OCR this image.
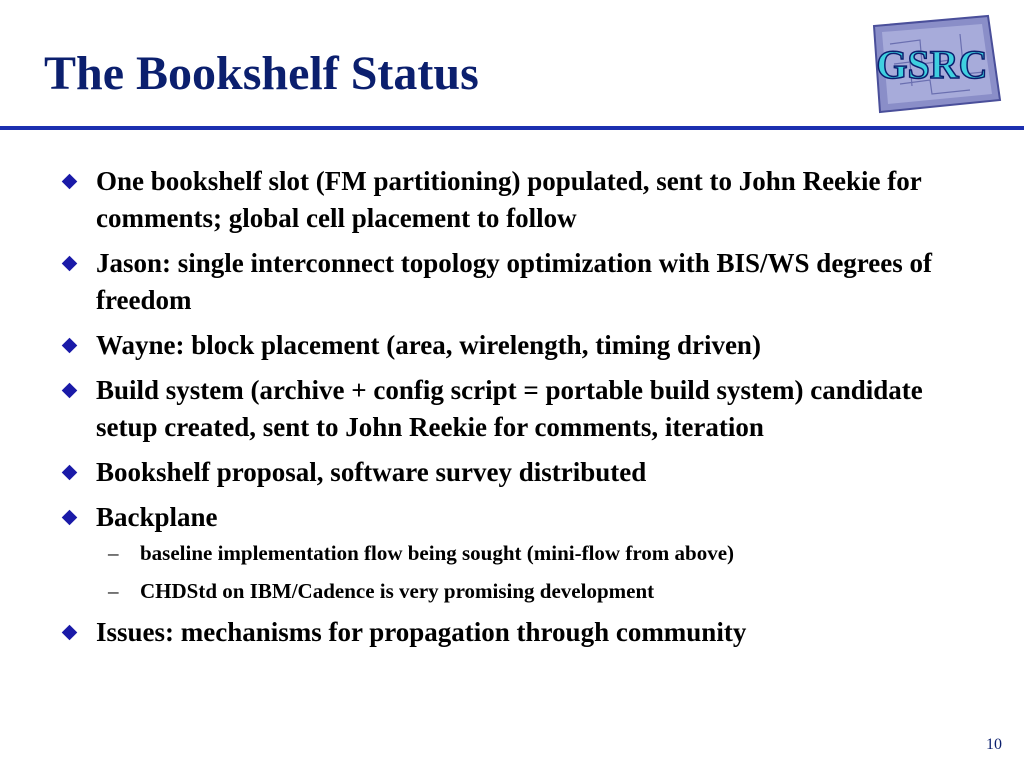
The Bookshelf Status	GSRC
One bookshelf slot (FM partitioning) populated, sent to John Reekie for comments; global cell placement to follow
Jason: single interconnect topology optimization with BIS/WS degrees of freedom
Wayne: block placement (area, wirelength, timing driven)
Build system (archive + config script = portable build system) candidate setup created, sent to John Reekie for comments, iteration
Bookshelf proposal, software survey distributed
Backplane
– baseline implementation flow being sought (mini-flow from above)
– CHDStd on IBM/Cadence is very promising development
Issues: mechanisms for propagation through community
10
